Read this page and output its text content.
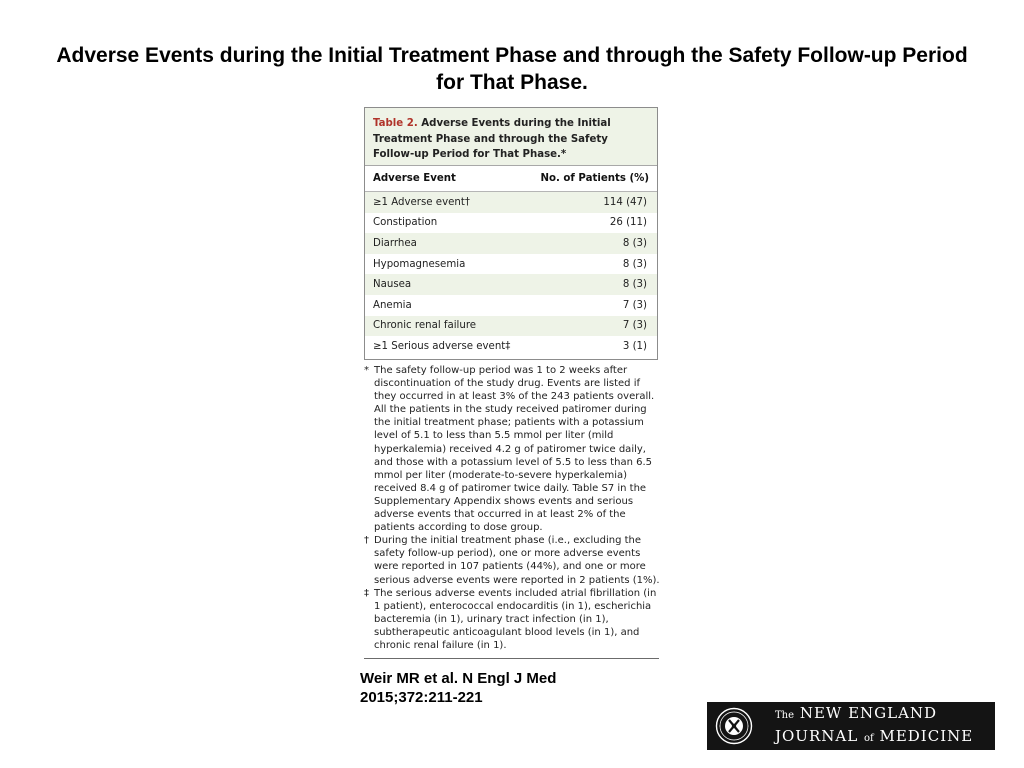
Adverse Events during the Initial Treatment Phase and through the Safety Follow-up Period
for That Phase.
Table 2. Adverse Events during the Initial Treatment Phase and through the Safety Follow-up Period for That Phase.*
Adverse Event	No. of Patients (%)
≥1 Adverse event†	114 (47)
Constipation	26 (11)
Diarrhea	8 (3)
Hypomagnesemia	8 (3)
Nausea	8 (3)
Anemia	7 (3)
Chronic renal failure	7 (3)
≥1 Serious adverse event‡	3 (1)

* The safety follow-up period was 1 to 2 weeks after discontinuation of the study drug. Events are listed if they occurred in at least 3% of the 243 patients overall. All the patients in the study received patiromer during the initial treatment phase; patients with a potassium level of 5.1 to less than 5.5 mmol per liter (mild hyperkalemia) received 4.2 g of patiromer twice daily, and those with a potassium level of 5.5 to less than 6.5 mmol per liter (moderate-to-severe hyperkalemia) received 8.4 g of patiromer twice daily. Table S7 in the Supplementary Appendix shows events and serious adverse events that occurred in at least 2% of the patients according to dose group.

† During the initial treatment phase (i.e., excluding the safety follow-up period), one or more adverse events were reported in 107 patients (44%), and one or more serious adverse events were reported in 2 patients (1%).

‡ The serious adverse events included atrial fibrillation (in 1 patient), enterococcal endocarditis (in 1), escherichia bacteremia (in 1), urinary tract infection (in 1), subtherapeutic anticoagulant blood levels (in 1), and chronic renal failure (in 1).

Weir MR et al. N Engl J Med
2015;372:211-221
The NEW ENGLAND
JOURNAL of MEDICINE
